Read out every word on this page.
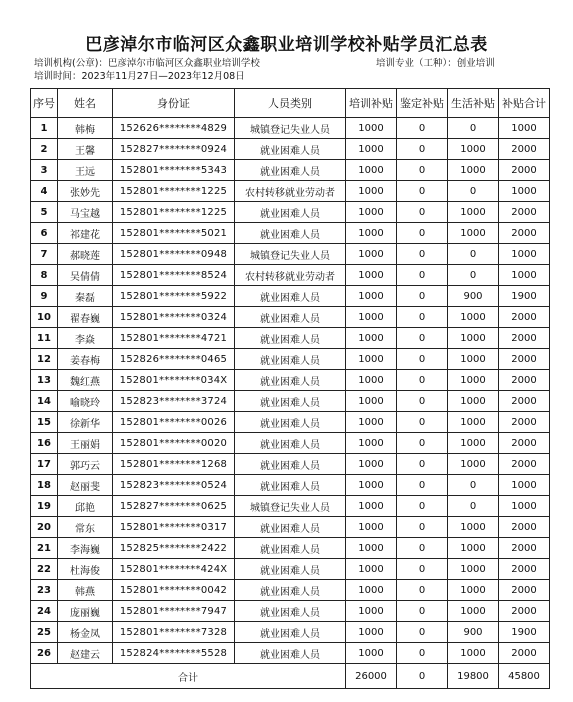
巴彦淖尔市临河区众鑫职业培训学校补贴学员汇总表
培训机构(公章)：巴彦淖尔市临河区众鑫职业培训学校	培训专业（工种）：创业培训
培训时间：2023年11月27日—2023年12月08日
序号	姓名	身份证	人员类别	培训补贴	鉴定补贴	生活补贴	补贴合计
1	韩梅	152626********4829	城镇登记失业人员	1000	0	0	1000
2	王馨	152827********0924	就业困难人员	1000	0	1000	2000
3	王远	152801********5343	就业困难人员	1000	0	1000	2000
4	张妙先	152801********1225	农村转移就业劳动者	1000	0	0	1000
5	马宝越	152801********1225	就业困难人员	1000	0	1000	2000
6	祁建花	152801********5021	就业困难人员	1000	0	1000	2000
7	郝晓莲	152801********0948	城镇登记失业人员	1000	0	0	1000
8	吴倩倩	152801********8524	农村转移就业劳动者	1000	0	0	1000
9	秦磊	152801********5922	就业困难人员	1000	0	900	1900
10	翟春巍	152801********0324	就业困难人员	1000	0	1000	2000
11	李焱	152801********4721	就业困难人员	1000	0	1000	2000
12	姜春梅	152826********0465	就业困难人员	1000	0	1000	2000
13	魏红燕	152801********034X	就业困难人员	1000	0	1000	2000
14	喻晓玲	152823********3724	就业困难人员	1000	0	1000	2000
15	徐新华	152801********0026	就业困难人员	1000	0	1000	2000
16	王丽娟	152801********0020	就业困难人员	1000	0	1000	2000
17	郭巧云	152801********1268	就业困难人员	1000	0	1000	2000
18	赵丽斐	152823********0524	就业困难人员	1000	0	0	1000
19	邱艳	152827********0625	城镇登记失业人员	1000	0	0	1000
20	常东	152801********0317	就业困难人员	1000	0	1000	2000
21	李海巍	152825********2422	就业困难人员	1000	0	1000	2000
22	杜海俊	152801********424X	就业困难人员	1000	0	1000	2000
23	韩燕	152801********0042	就业困难人员	1000	0	1000	2000
24	庞丽巍	152801********7947	就业困难人员	1000	0	1000	2000
25	杨金凤	152801********7328	就业困难人员	1000	0	900	1900
26	赵建云	152824********5528	就业困难人员	1000	0	1000	2000
合计				26000	0	19800	45800
